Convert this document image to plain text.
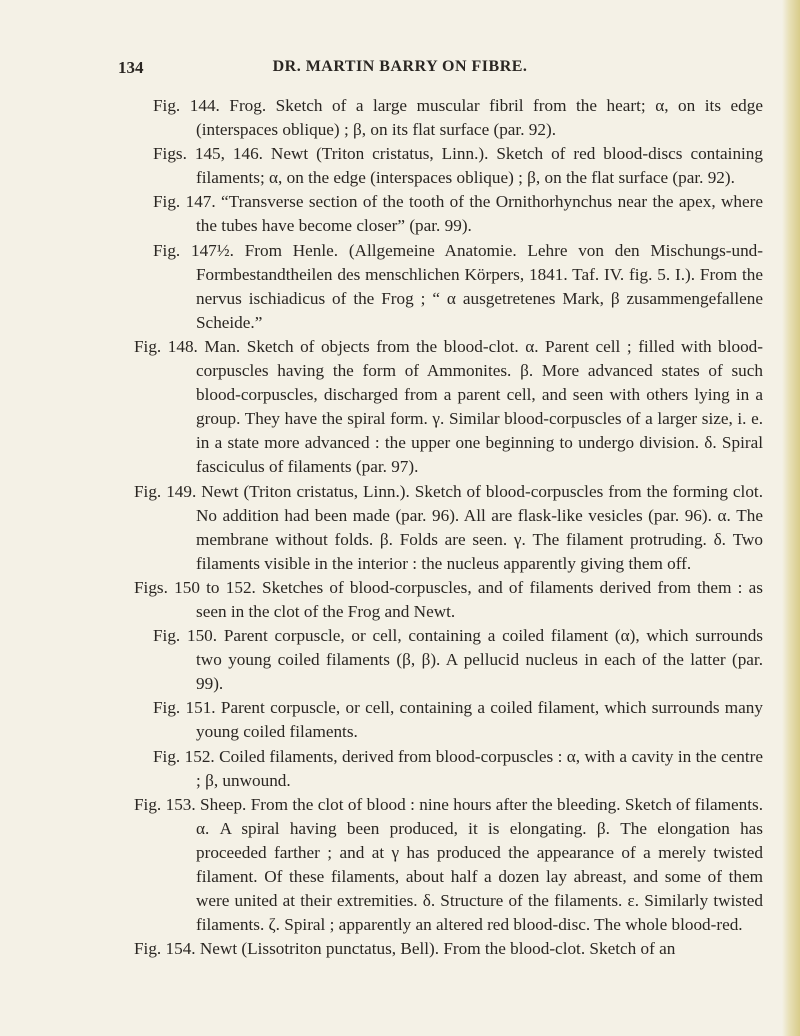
134	DR. MARTIN BARRY ON FIBRE.

Fig. 144. Frog. Sketch of a large muscular fibril from the heart; α, on its edge (interspaces oblique) ; β, on its flat surface (par. 92).

Figs. 145, 146. Newt (Triton cristatus, Linn.). Sketch of red blood-discs containing filaments; α, on the edge (interspaces oblique) ; β, on the flat surface (par. 92).

Fig. 147. “Transverse section of the tooth of the Ornithorhynchus near the apex, where the tubes have become closer” (par. 99).

Fig. 147½. From Henle. (Allgemeine Anatomie. Lehre von den Mischungs-und-Formbestandtheilen des menschlichen Körpers, 1841. Taf. IV. fig. 5. I.). From the nervus ischiadicus of the Frog ; “ α ausgetretenes Mark, β zusammengefallene Scheide.”

Fig. 148. Man. Sketch of objects from the blood-clot. α. Parent cell ; filled with blood-corpuscles having the form of Ammonites. β. More advanced states of such blood-corpuscles, discharged from a parent cell, and seen with others lying in a group. They have the spiral form. γ. Similar blood-corpuscles of a larger size, i. e. in a state more advanced : the upper one beginning to undergo division. δ. Spiral fasciculus of filaments (par. 97).

Fig. 149. Newt (Triton cristatus, Linn.). Sketch of blood-corpuscles from the forming clot. No addition had been made (par. 96). All are flask-like vesicles (par. 96). α. The membrane without folds. β. Folds are seen. γ. The filament protruding. δ. Two filaments visible in the interior : the nucleus apparently giving them off.

Figs. 150 to 152. Sketches of blood-corpuscles, and of filaments derived from them : as seen in the clot of the Frog and Newt.

Fig. 150. Parent corpuscle, or cell, containing a coiled filament (α), which surrounds two young coiled filaments (β, β). A pellucid nucleus in each of the latter (par. 99).

Fig. 151. Parent corpuscle, or cell, containing a coiled filament, which surrounds many young coiled filaments.

Fig. 152. Coiled filaments, derived from blood-corpuscles : α, with a cavity in the centre ; β, unwound.

Fig. 153. Sheep. From the clot of blood : nine hours after the bleeding. Sketch of filaments. α. A spiral having been produced, it is elongating. β. The elongation has proceeded farther ; and at γ has produced the appearance of a merely twisted filament. Of these filaments, about half a dozen lay abreast, and some of them were united at their extremities. δ. Structure of the filaments. ε. Similarly twisted filaments. ζ. Spiral ; apparently an altered red blood-disc. The whole blood-red.

Fig. 154. Newt (Lissotriton punctatus, Bell). From the blood-clot. Sketch of an
